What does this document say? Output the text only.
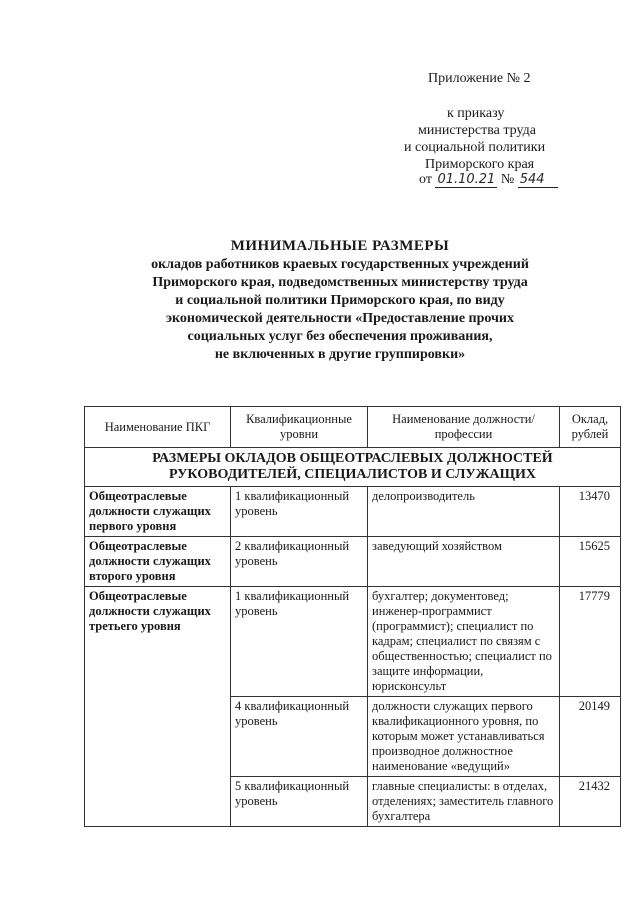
Приложение № 2
к приказу
министерства труда
и социальной политики
Приморского края
от 01.10.21 № 544
МИНИМАЛЬНЫЕ РАЗМЕРЫ
окладов работников краевых государственных учреждений
Приморского края, подведомственных министерству труда
и социальной политики Приморского края, по виду
экономической деятельности «Предоставление прочих
социальных услуг без обеспечения проживания,
не включенных в другие группировки»
Наименование ПКГ	Квалификационные уровни	Наименование должности/профессии	Оклад, рублей
РАЗМЕРЫ ОКЛАДОВ ОБЩЕОТРАСЛЕВЫХ ДОЛЖНОСТЕЙ РУКОВОДИТЕЛЕЙ, СПЕЦИАЛИСТОВ И СЛУЖАЩИХ			
Общеотраслевые должности служащих первого уровня	1 квалификационный уровень	делопроизводитель	13470
Общеотраслевые должности служащих второго уровня	2 квалификационный уровень	заведующий хозяйством	15625
Общеотраслевые должности служащих третьего уровня	1 квалификационный уровень	бухгалтер; документовед; инженер-программист (программист); специалист по кадрам; специалист по связям с общественностью; специалист по защите информации, юрисконсульт	17779
	4 квалификационный уровень	должности служащих первого квалификационного уровня, по которым может устанавливаться производное должностное наименование «ведущий»	20149
	5 квалификационный уровень	главные специалисты: в отделах, отделениях; заместитель главного бухгалтера	21432
